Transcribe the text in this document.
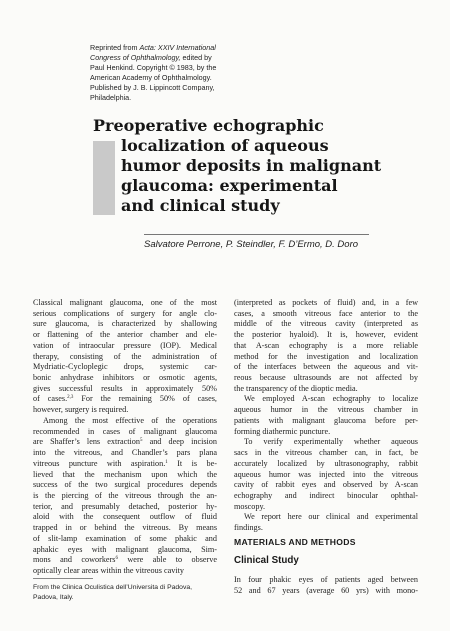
Reprinted from Acta: XXIV International
Congress of Ophthalmology, edited by
Paul Henkind. Copyright © 1983, by the
American Academy of Ophthalmology.
Published by J. B. Lippincott Company,
Philadelphia.
Preoperative echographic
localization of aqueous
humor deposits in malignant
glaucoma: experimental
and clinical study
Salvatore Perrone, P. Steindler, F. D’Ermo, D. Doro
Classical malignant glaucoma, one of the most
serious complications of surgery for angle clo-
sure glaucoma, is characterized by shallowing
or flattening of the anterior chamber and ele-
vation of intraocular pressure (IOP). Medical
therapy, consisting of the administration of
Mydriatic-Cycloplegic drops, systemic car-
bonic anhydrase inhibitors or osmotic agents,
gives successful results in approximately 50%
of cases.$^{2,3}$ For the remaining 50% of cases,
however, surgery is required.
Among the most effective of the operations
recommended in cases of malignant glaucoma
are Shaffer’s lens extraction$^5$ and deep incision
into the vitreous, and Chandler’s pars plana
vitreous puncture with aspiration.$^1$ It is be-
lieved that the mechanism upon which the
success of the two surgical procedures depends
is the piercing of the vitreous through the an-
terior, and presumably detached, posterior hy-
aloid with the consequent outflow of fluid
trapped in or behind the vitreous. By means
of slit-lamp examination of some phakic and
aphakic eyes with malignant glaucoma, Sim-
mons and coworkers$^6$ were able to observe
optically clear areas within the vitreous cavity
From the Clinica Oculistica dell’Universita di Padova,
Padova, Italy.
(interpreted as pockets of fluid) and, in a few
cases, a smooth vitreous face anterior to the
middle of the vitreous cavity (interpreted as
the posterior hyaloid). It is, however, evident
that A-scan echography is a more reliable
method for the investigation and localization
of the interfaces between the aqueous and vit-
reous because ultrasounds are not affected by
the transparency of the dioptic media.
We employed A-scan echography to localize
aqueous humor in the vitreous chamber in
patients with malignant glaucoma before per-
forming diathermic puncture.
To verify experimentally whether aqueous
sacs in the vitreous chamber can, in fact, be
accurately localized by ultrasonography, rabbit
aqueous humor was injected into the vitreous
cavity of rabbit eyes and observed by A-scan
echography and indirect binocular ophthal-
moscopy.
We report here our clinical and experimental
findings.
MATERIALS AND METHODS
Clinical Study
In four phakic eyes of patients aged between
52 and 67 years (average 60 yrs) with mono-
